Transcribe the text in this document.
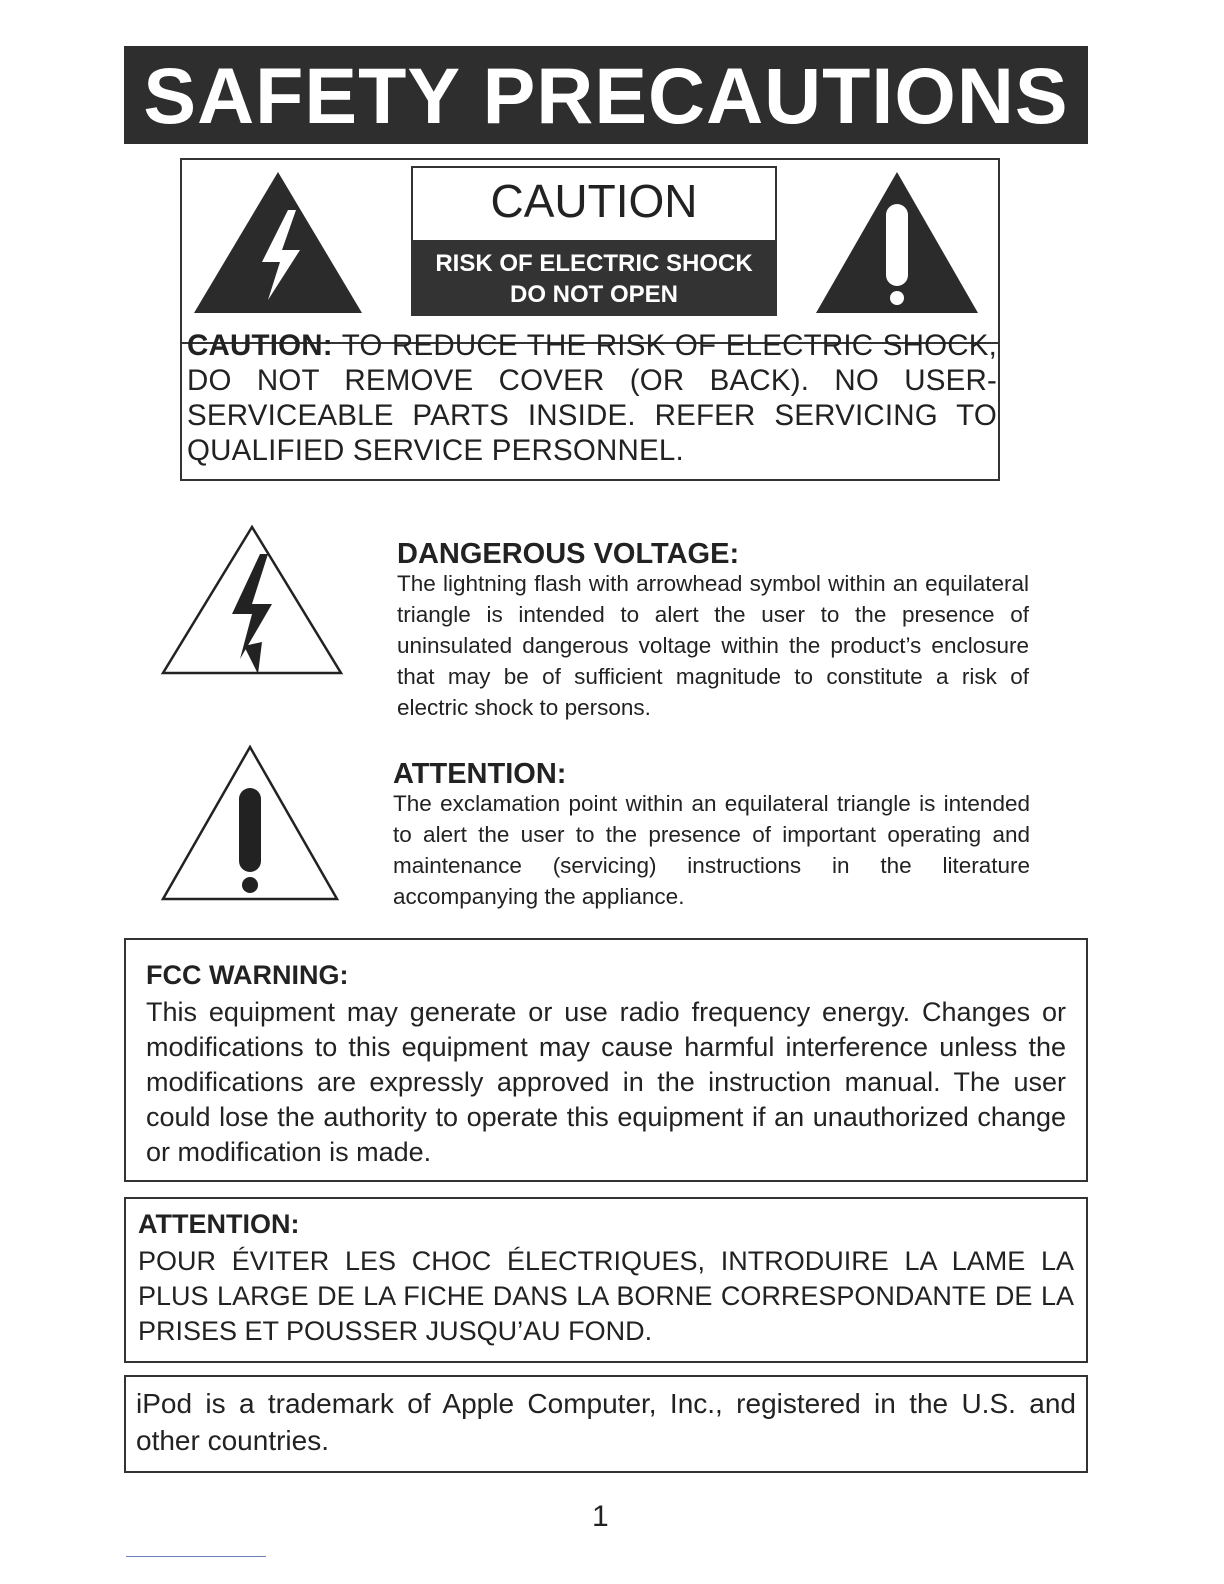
SAFETY PRECAUTIONS
CAUTION
RISK OF ELECTRIC SHOCK
DO NOT OPEN
CAUTION: TO REDUCE THE RISK OF ELECTRIC SHOCK, DO NOT REMOVE COVER (OR BACK). NO USER-SERVICEABLE PARTS INSIDE. REFER SERVICING TO QUALIFIED SERVICE PERSONNEL.
DANGEROUS VOLTAGE:
The lightning flash with arrowhead symbol within an equilateral triangle is intended to alert the user to the presence of uninsulated dangerous voltage within the product’s enclosure that may be of sufficient magnitude to constitute a risk of electric shock to persons.
ATTENTION:
The exclamation point within an equilateral triangle is intended to alert the user to the presence of important operating and maintenance (servicing) instructions in the literature accompanying the appliance.
FCC WARNING:
This equipment may generate or use radio frequency energy. Changes or modifications to this equipment may cause harmful interference unless the modifications are expressly approved in the instruction manual. The user could lose the authority to operate this equipment if an unauthorized change or modification is made.
ATTENTION:
POUR ÉVITER LES CHOC ÉLECTRIQUES, INTRODUIRE LA LAME LA PLUS LARGE DE LA FICHE DANS LA BORNE CORRESPONDANTE DE LA PRISES ET POUSSER JUSQU’AU FOND.
iPod is a trademark of Apple Computer, Inc., registered in the U.S. and other countries.
1
